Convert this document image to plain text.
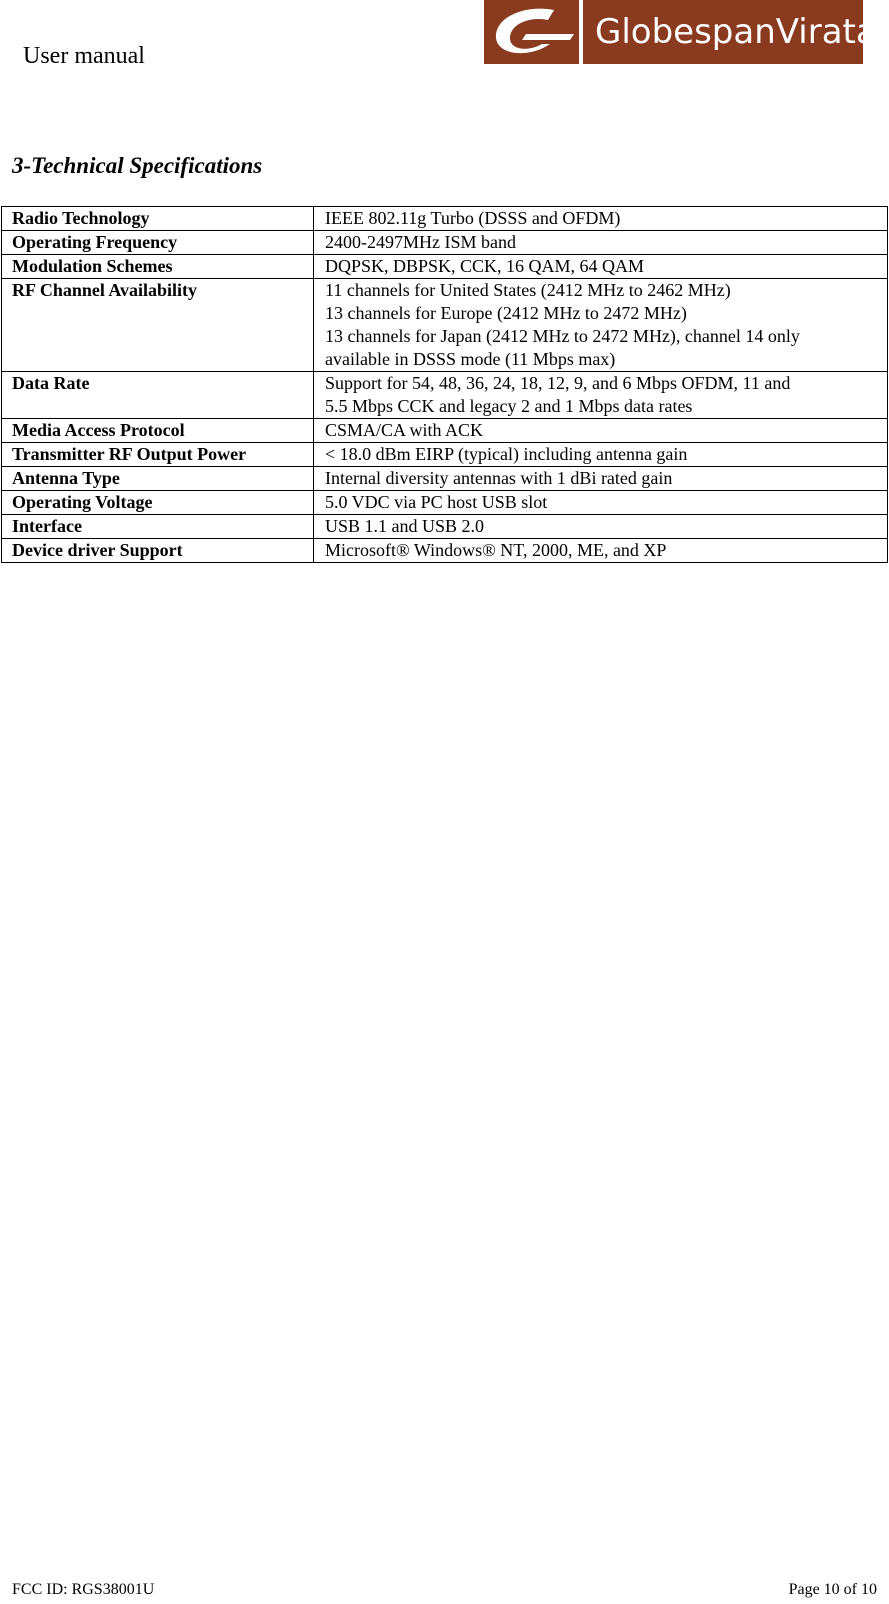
User manual
GlobespanVirata
3-Technical Specifications
Radio Technology	IEEE 802.11g Turbo (DSSS and OFDM)

Operating Frequency	2400-2497MHz ISM band

Modulation Schemes	DQPSK, DBPSK, CCK, 16 QAM, 64 QAM

RF Channel Availability	11 channels for United States (2412 MHz to 2462 MHz)
13 channels for Europe (2412 MHz to 2472 MHz)
13 channels for Japan (2412 MHz to 2472 MHz), channel 14 only
available in DSSS mode (11 Mbps max)

Data Rate	Support for 54, 48, 36, 24, 18, 12, 9, and 6 Mbps OFDM, 11 and
5.5 Mbps CCK and legacy 2 and 1 Mbps data rates

Media Access Protocol	CSMA/CA with ACK

Transmitter RF Output Power	< 18.0 dBm EIRP (typical) including antenna gain

Antenna Type	Internal diversity antennas with 1 dBi rated gain

Operating Voltage	5.0 VDC via PC host USB slot

Interface	USB 1.1 and USB 2.0

Device driver Support	Microsoft® Windows® NT, 2000, ME, and XP
FCC ID: RGS38001U	Page 10 of 10
